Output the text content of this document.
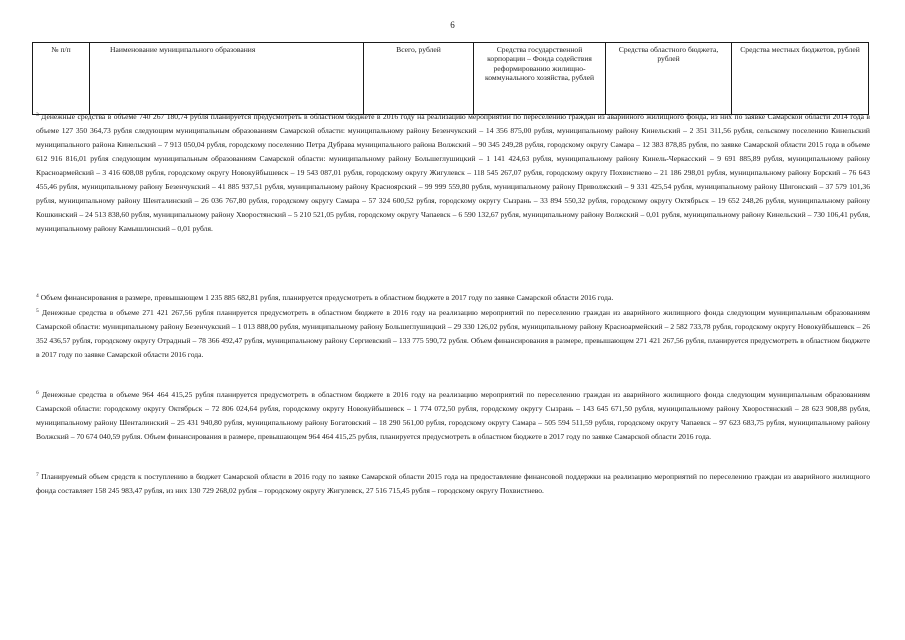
6
№ п/п	Наименование муниципального образования	Всего, рублей	Средства государственной корпорации – Фонда содействия реформированию жилищно-коммунального хозяйства, рублей	Средства областного бюджета, рублей	Средства местных бюджетов, рублей

$^3$ Денежные средства в объеме 740 267 180,74 рубля планируется предусмотреть в областном бюджете в 2016 году на реализацию мероприятий по переселению граждан из аварийного жилищного фонда, из них по заявке Самарской области 2014 года в объеме 127 350 364,73 рубля следующим муниципальным образованиям Самарской области: муниципальному району Безенчукский – 14 356 875,00 рубля, муниципальному району Кинельский – 2 351 311,56 рубля, сельскому поселению Кинельский муниципального района Кинельский – 7 913 050,04 рубля, городскому поселению Петра Дубрава муниципального района Волжский – 90 345 249,28 рубля, городскому округу Самара – 12 383 878,85 рубля, по заявке Самарской области 2015 года в объеме 612 916 816,01 рубля следующим муниципальным образованиям Самарской области: муниципальному району Большеглушицкий – 1 141 424,63 рубля, муниципальному району Кинель-Черкасский – 9 691 885,89 рубля, муниципальному району Красноармейский – 3 416 608,08 рубля, городскому округу Новокуйбышевск – 19 543 087,01 рубля, городскому округу Жигулевск – 118 545 267,07 рубля, городскому округу Похвистнево – 21 186 298,01 рубля, муниципальному району Борский – 76 643 455,46 рубля, муниципальному району Безенчукский – 41 885 937,51 рубля, муниципальному району Красноярский – 99 999 559,80 рубля, муниципальному району Приволжский – 9 331 425,54 рубля, муниципальному району Шигонский – 37 579 101,36 рубля, муниципальному району Шенталинский – 26 036 767,80 рубля, городскому округу Самара – 57 324 600,52 рубля, городскому округу Сызрань – 33 894 550,32 рубля, городскому округу Октябрьск – 19 652 248,26 рубля, муниципальному району Кошкинский – 24 513 838,60 рубля, муниципальному району Хворостянский – 5 210 521,05 рубля, городскому округу Чапаевск – 6 590 132,67 рубля, муниципальному району Волжский – 0,01 рубля, муниципальному району Кинельский – 730 106,41 рубля, муниципальному району Камышлинский – 0,01 рубля.

$^4$ Объем финансирования в размере, превышающем 1 235 885 682,81 рубля, планируется предусмотреть в областном бюджете в 2017 году по заявке Самарской области 2016 года.

$^5$ Денежные средства в объеме 271 421 267,56 рубля планируется предусмотреть в областном бюджете в 2016 году на реализацию мероприятий по переселению граждан из аварийного жилищного фонда следующим муниципальным образованиям Самарской области: муниципальному району Безенчукский – 1 013 888,00 рубля, муниципальному району Большеглушицкий – 29 330 126,02 рубля, муниципальному району Красноармейский – 2 582 733,78 рубля, городскому округу Новокуйбышевск – 26 352 436,57 рубля, городскому округу Отрадный – 78 366 492,47 рубля, муниципальному району Сергиевский – 133 775 590,72 рубля. Объем финансирования в размере, превышающем 271 421 267,56 рубля, планируется предусмотреть в областном бюджете в 2017 году по заявке Самарской области 2016 года.

$^6$ Денежные средства в объеме 964 464 415,25 рубля планируется предусмотреть в областном бюджете в 2016 году на реализацию мероприятий по переселению граждан из аварийного жилищного фонда следующим муниципальным образованиям Самарской области: городскому округу Октябрьск – 72 806 024,64 рубля, городскому округу Новокуйбышевск – 1 774 072,50 рубля, городскому округу Сызрань – 143 645 671,50 рубля, муниципальному району Хворостянский – 28 623 908,88 рубля, муниципальному району Шенталинский – 25 431 940,80 рубля, муниципальному району Богатовский – 18 290 561,00 рубля, городскому округу Самара – 505 594 511,59 рубля, городскому округу Чапаевск – 97 623 683,75 рубля, муниципальному району Волжский – 70 674 040,59 рубля. Объем финансирования в размере, превышающем 964 464 415,25 рубля, планируется предусмотреть в областном бюджете в 2017 году по заявке Самарской области 2016 года.

$^7$ Планируемый объем средств к поступлению в бюджет Самарской области в 2016 году по заявке Самарской области 2015 года на предоставление финансовой поддержки на реализацию мероприятий по переселению граждан из аварийного жилищного фонда составляет 158 245 983,47 рубля, из них 130 729 268,02 рубля – городскому округу Жигулевск, 27 516 715,45 рубля – городскому округу Похвистнево.
